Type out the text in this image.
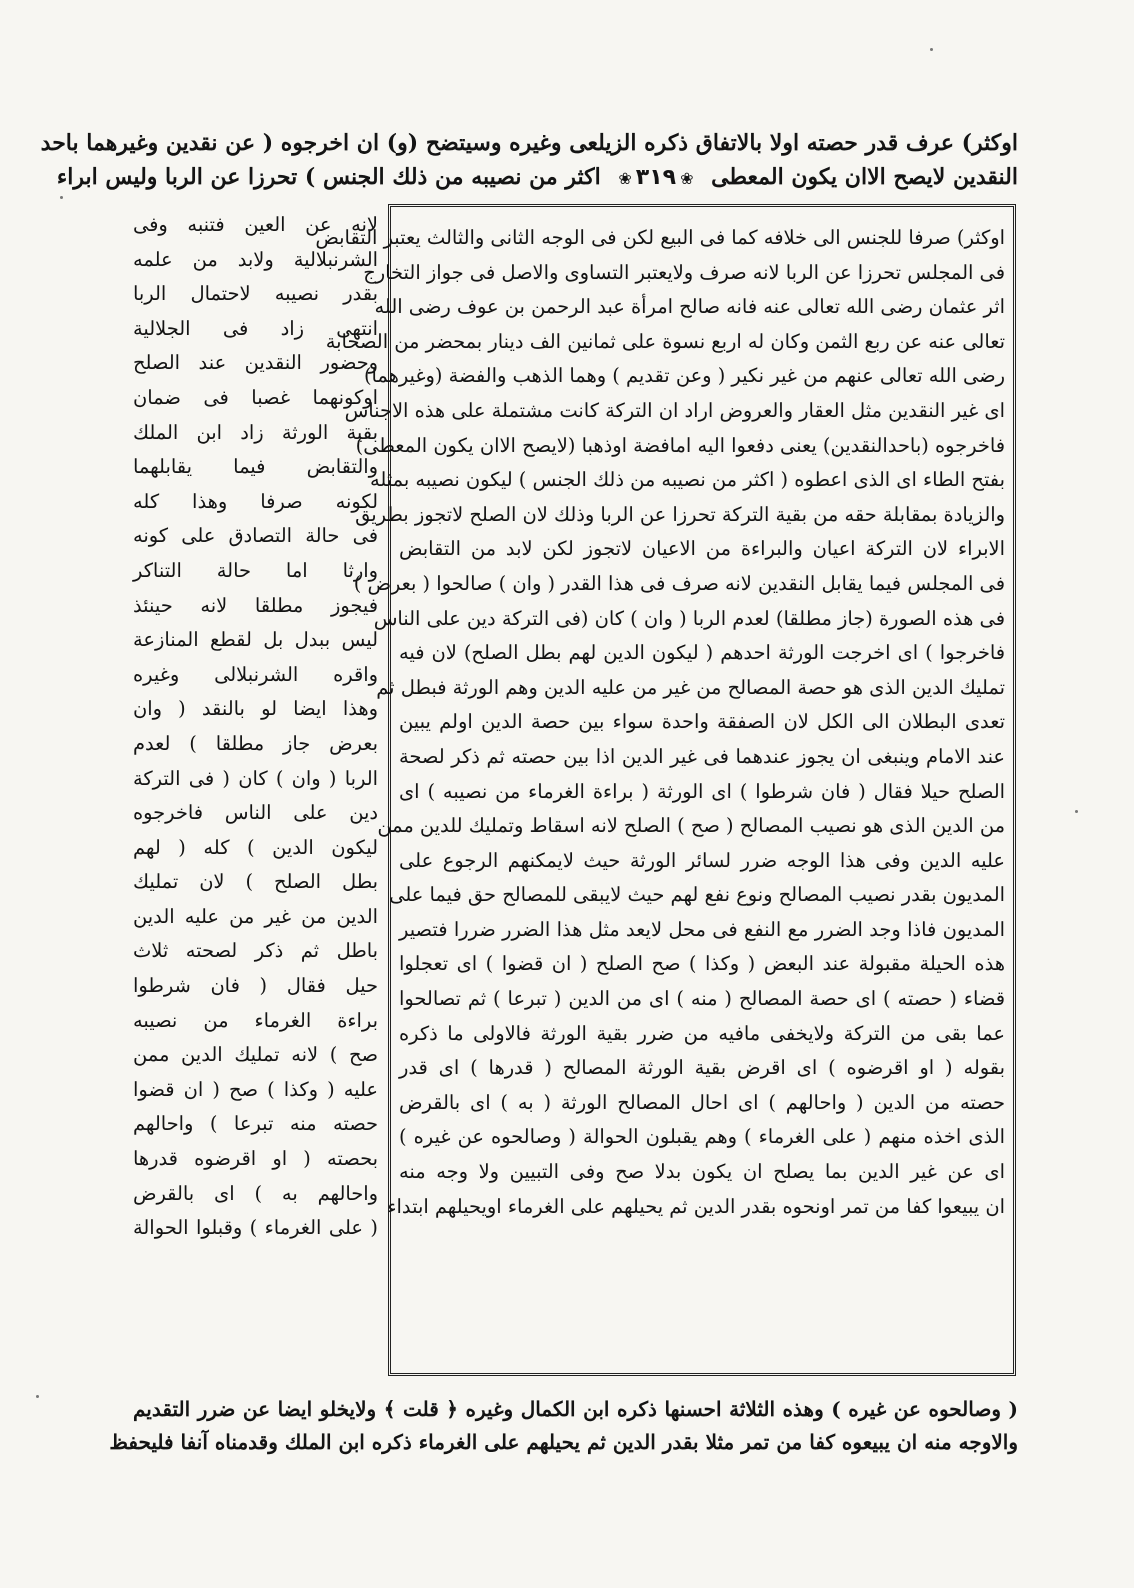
اوكثر) عرف قدر حصته اولا بالاتفاق ذكره الزيلعى وغيره وسيتضح (و) ان اخرجوه ( عن نقدين وغيرهما باحد
النقدين لايصح الاان يكون المعطى ❀ ٣١٩ ❀ اكثر من نصيبه من ذلك الجنس ) تحرزا عن الربا وليس ابراء
اوكثر) صرفا للجنس الى خلافه كما فى البيع لكن فى الوجه الثانى والثالث يعتبر التقابض
فى المجلس تحرزا عن الربا لانه صرف ولايعتبر التساوى والاصل فى جواز التخارج
اثر عثمان رضى الله تعالى عنه فانه صالح امرأة عبد الرحمن بن عوف رضى الله
تعالى عنه عن ربع الثمن وكان له اربع نسوة على ثمانين الف دينار بمحضر من الصحابة
رضى الله تعالى عنهم من غير نكير ( وعن تقديم ) وهما الذهب والفضة (وغيرهما)
اى غير النقدين مثل العقار والعروض اراد ان التركة كانت مشتملة على هذه الاجناس
فاخرجوه (باحدالنقدين) يعنى دفعوا اليه امافضة اوذهبا (لايصح الاان يكون المعطى)
بفتح الطاء اى الذى اعطوه ( اكثر من نصيبه من ذلك الجنس ) ليكون نصيبه بمثله
والزيادة بمقابلة حقه من بقية التركة تحرزا عن الربا وذلك لان الصلح لاتجوز بطريق
الابراء لان التركة اعيان والبراءة من الاعيان لاتجوز لكن لابد من التقابض
فى المجلس فيما يقابل النقدين لانه صرف فى هذا القدر ( وان ) صالحوا ( بعرض )
فى هذه الصورة (جاز مطلقا) لعدم الربا ( وان ) كان (فى التركة دين على الناس
فاخرجوا ) اى اخرجت الورثة احدهم ( ليكون الدين لهم بطل الصلح) لان فيه
تمليك الدين الذى هو حصة المصالح من غير من عليه الدين وهم الورثة فبطل ثم
تعدى البطلان الى الكل لان الصفقة واحدة سواء بين حصة الدين اولم يبين
عند الامام وينبغى ان يجوز عندهما فى غير الدين اذا بين حصته ثم ذكر لصحة
الصلح حيلا فقال ( فان شرطوا ) اى الورثة ( براءة الغرماء من نصيبه ) اى
من الدين الذى هو نصيب المصالح ( صح ) الصلح لانه اسقاط وتمليك للدين ممن
عليه الدين وفى هذا الوجه ضرر لسائر الورثة حيث لايمكنهم الرجوع على
المديون بقدر نصيب المصالح ونوع نفع لهم حيث لايبقى للمصالح حق فيما على
المديون فاذا وجد الضرر مع النفع فى محل لايعد مثل هذا الضرر ضررا فتصير
هذه الحيلة مقبولة عند البعض ( وكذا ) صح الصلح ( ان قضوا ) اى تعجلوا
قضاء ( حصته ) اى حصة المصالح ( منه ) اى من الدين ( تبرعا ) ثم تصالحوا
عما بقى من التركة ولايخفى مافيه من ضرر بقية الورثة فالاولى ما ذكره
بقوله ( او اقرضوه ) اى اقرض بقية الورثة المصالح ( قدرها ) اى قدر
حصته من الدين ( واحالهم ) اى احال المصالح الورثة ( به ) اى بالقرض
الذى اخذه منهم ( على الغرماء ) وهم يقبلون الحوالة ( وصالحوه عن غيره )
اى عن غير الدين بما يصلح ان يكون بدلا صح وفى التبيين ولا وجه منه
ان يبيعوا كفا من تمر اونحوه بقدر الدين ثم يحيلهم على الغرماء اويحيلهم ابتداء
لانه عن العين فتنبه وفى
الشرنبلالية ولابد من علمه
بقدر نصيبه لاحتمال الربا
انتهى زاد فى الجلالية
وحضور النقدين عند الصلح
اوكونهما غصبا فى ضمان
بقية الورثة زاد ابن الملك
والتقابض فيما يقابلهما
لكونه صرفا وهذا كله
فى حالة التصادق على كونه
وارثا اما حالة التناكر
فيجوز مطلقا لانه حينئذ
ليس ببدل بل لقطع المنازعة
واقره الشرنبلالى وغيره
وهذا ايضا لو بالنقد ( وان
بعرض جاز مطلقا ) لعدم
الربا ( وان ) كان ( فى التركة
دين على الناس فاخرجوه
ليكون الدين ) كله ( لهم
بطل الصلح ) لان تمليك
الدين من غير من عليه الدين
باطل ثم ذكر لصحته ثلاث
حيل فقال ( فان شرطوا
براءة الغرماء من نصيبه
صح ) لانه تمليك الدين ممن
عليه ( وكذا ) صح ( ان قضوا
حصته منه تبرعا ) واحالهم
بحصته ( او اقرضوه قدرها
واحالهم به ) اى بالقرض
( على الغرماء ) وقبلوا الحوالة
( وصالحوه عن غيره ) وهذه الثلاثة احسنها ذكره ابن الكمال وغيره ﴿ قلت ﴾ ولايخلو ايضا عن ضرر التقديم
والاوجه منه ان يبيعوه كفا من تمر مثلا بقدر الدين ثم يحيلهم على الغرماء ذكره ابن الملك وقدمناه آنفا فليحفظ
